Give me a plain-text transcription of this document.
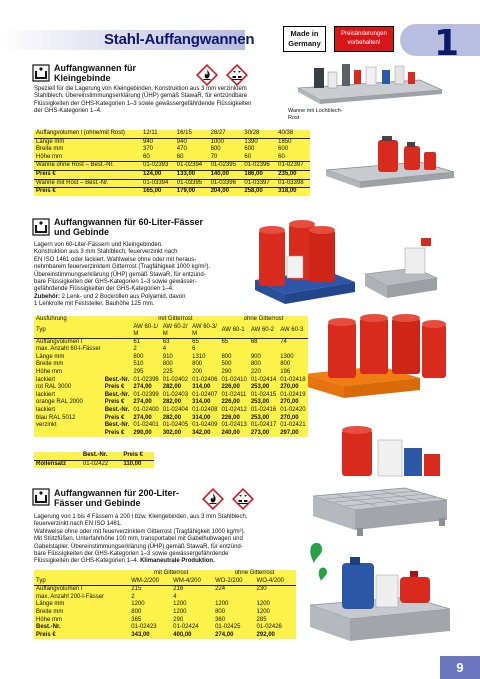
Stahl-Auffangwannen	Made in Germany
Preisänderungen vorbehalten!	1
Auffangwannen für Kleingebinde
Speziell für die Lagerung von Kleingebinden. Konstruktion aus 3 mm verzinktem Stahlblech. Übereinstimmungserklärung (ÜHP) gemäß StawaR, für entzündbare Flüssigkeiten der GHS-Kategorien 1–3 sowie gewässergefährdende Flüssigkeiten der GHS-Kategorien 1–4.	Wanne mit Lochblech-Rost
Auffangvolumen l (ohne/mit Rost)	12/11	16/15	28/27	30/28	40/38
Länge mm	940	940	1000	1390	1850
Breite mm	370	470	600	600	600
Höhe mm	60	60	70	60	60
Wanne ohne Rost – Best.-Nr.	01-02393	01-02394	01-02395	01-02396	01-02397
Preis €	124,00	133,00	140,00	186,00	235,00
Wanne mit Rost – Best.-Nr.	01-03394	01-03395	01-03396	01-03397	01-03398
Preis €	165,00	179,00	204,00	258,00	318,00
Auffangwannen für 60-Liter-Fässer und Gebinde
Lagern von 60-Liter-Fässern und Kleingebinden.
Konstruktion aus 3 mm Stahlblech, feuerverzinkt nach
EN ISO 1461 oder lackiert. Wahlweise ohne oder mit heraus-
nehmbarem feuerverzinktem Gitterrost (Tragfähigkeit 1000 kg/m²).
Übereinstimmungserklärung (ÜHP) gemäß StawaR, für entzünd-
bare Flüssigkeiten der GHS-Kategorien 1–3 sowie gewässer-
gefährdende Flüssigkeiten der GHS-Kategorien 1–4.
Zubehör: 2 Lenk- und 2 Bockrollen aus Polyamid, davon
1 Lenkrolle mit Feststeller, Bauhöhe 125 mm.
Ausführung		mit Gitterrost			ohne Gitterrost		
Typ		AW 60-1/ M	AW 60-2/ M	AW 60-3/ M	AW 60-1	AW 60-2	AW 60-3
Auffangvolumen l		61	63	65	65	68	74
max. Anzahl 60-l-Fässer		2	4	6			
Länge mm		800	910	1310	800	900	1300
Breite mm		510	800	800	500	800	800
Höhe mm		295	225	200	290	220	196
lackiert	Best.-Nr.	01-02398	01-02402	01-02406	01-02410	01-02414	01-02418
rot RAL 3000	Preis €	274,00	282,00	314,00	226,00	253,00	270,00
lackiert	Best.-Nr.	01-02399	01-02403	01-02407	01-02411	01-02415	01-02419
orange RAL 2000	Preis €	274,00	282,00	314,00	226,00	253,00	270,00
lackiert	Best.-Nr.	01-02400	01-02404	01-02408	01-02412	01-02416	01-02420
blau RAL 5012	Preis €	274,00	282,00	314,00	226,00	253,00	270,00
verzinkt	Best.-Nr.	01-02401	01-02405	01-02409	01-02413	01-02417	01-02421
	Preis €	290,00	302,00	342,00	240,00	273,00	297,00
	Best.-Nr.	Preis €
Rollensatz	01-02422	110,00
Auffangwannen für 200-Liter-Fässer und Gebinde
Lagerung von 1 bis 4 Fässern à 200 l bzw. Kleingebinden, aus 3 mm Stahlblech,
feuerverzinkt nach EN ISO 1461.
Wahlweise ohne oder mit feuerverzinktem Gitterrost (Tragfähigkeit 1000 kg/m²).
Mit Stützfüßen, Unterfahrhöhe 100 mm, transportabel mit Gabelhubwagen und
Gabelstapler. Übereinstimmungserklärung (ÜHP) gemäß StawaR, für entzünd-
bare Flüssigkeiten der GHS-Kategorien 1–3 sowie gewässergefährdende
Flüssigkeiten der GHS-Kategorien 1–4. Klimaneutrale Produktion.
	mit Gitterrost		ohne Gitterrost	
Typ	WM-2/200	WM-4/200	WO-2/200	WO-4/200
Auffangvolumen l	215	216	224	230
max. Anzahl 200-l-Fässer	2	4		
Länge mm	1200	1200	1200	1200
Breite mm	800	1200	800	1200
Höhe mm	365	290	360	285
Best.-Nr.	01-02423	01-02424	01-02425	01-02426
Preis €	343,00	400,00	274,00	292,00
9
